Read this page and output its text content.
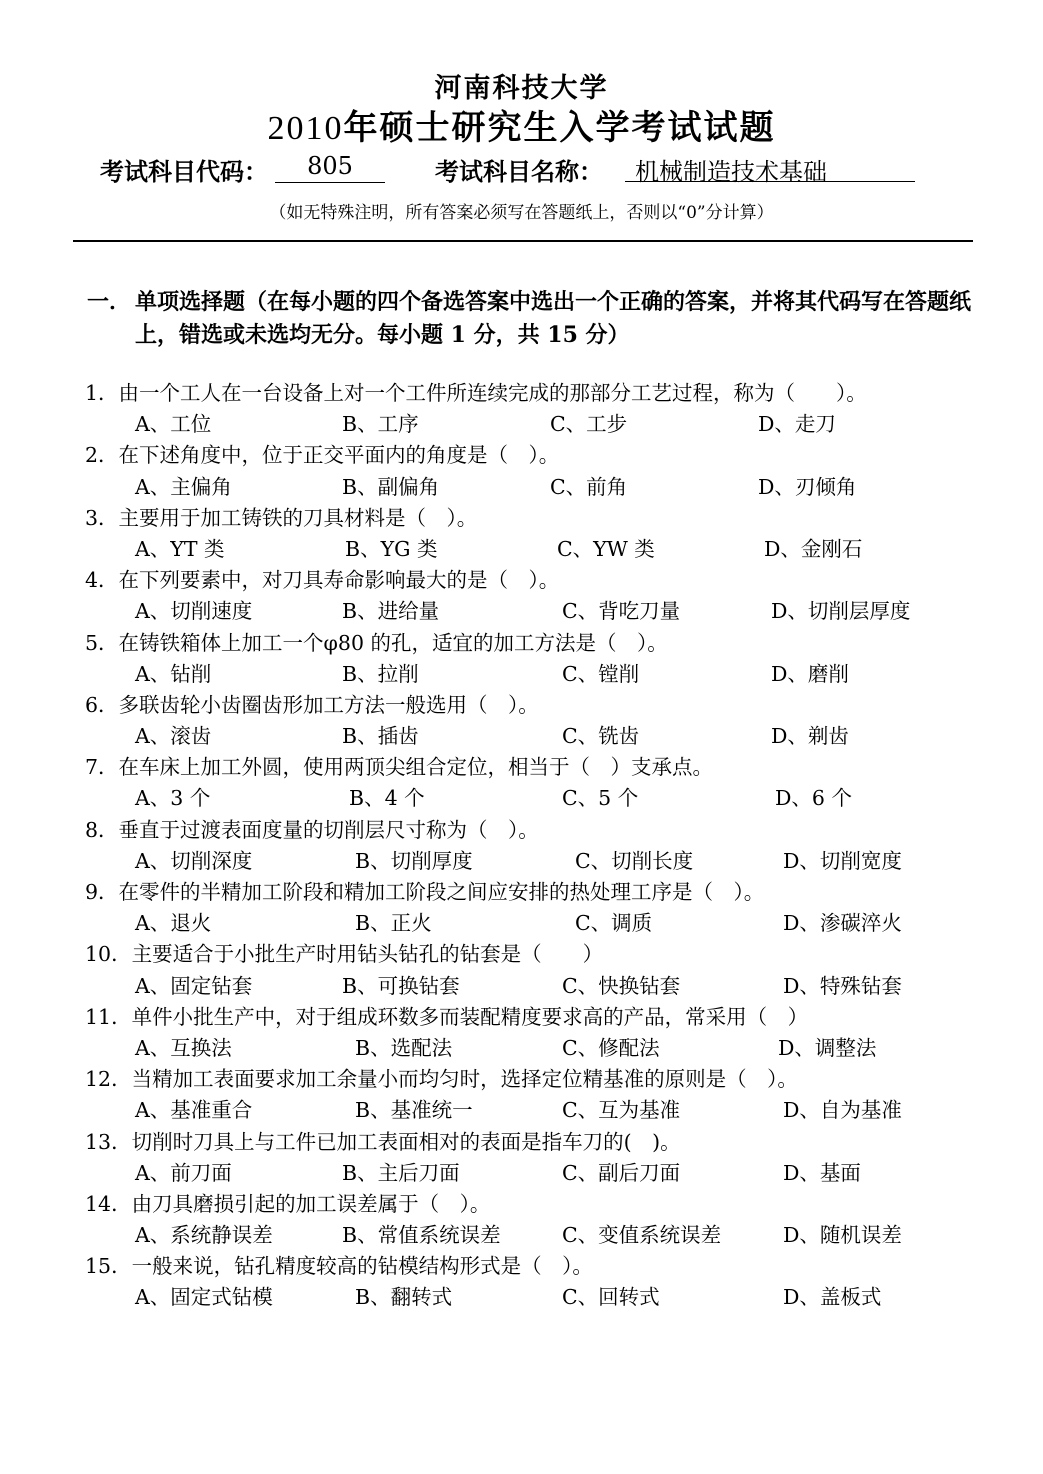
河南科技大学
2010年硕士研究生入学考试试题
考试科目代码：	805	考试科目名称：	机械制造技术基础
（如无特殊注明，所有答案必须写在答题纸上，否则以“0”分计算）
一． 单项选择题（在每小题的四个备选答案中选出一个正确的答案，并将其代码写在答题纸上，错选或未选均无分。每小题 1 分，共 15 分）
1．由一个工人在一台设备上对一个工件所连续完成的那部分工艺过程，称为（　　）。
A、工位	B、工序	C、工步	D、走刀
2．在下述角度中，位于正交平面内的角度是（　）。
A、主偏角	B、副偏角	C、前角	D、刃倾角
3．主要用于加工铸铁的刀具材料是（　）。
A、YT 类	B、YG 类	C、YW 类	D、金刚石
4．在下列要素中，对刀具寿命影响最大的是（　）。
A、切削速度	B、进给量	C、背吃刀量	D、切削层厚度
5．在铸铁箱体上加工一个φ80 的孔，适宜的加工方法是（　）。
A、钻削	B、拉削	C、镗削	D、磨削
6．多联齿轮小齿圈齿形加工方法一般选用（　）。
A、滚齿	B、插齿	C、铣齿	D、剃齿
7．在车床上加工外圆，使用两顶尖组合定位，相当于（　）支承点。
A、3 个	B、4 个	C、5 个	D、6 个
8．垂直于过渡表面度量的切削层尺寸称为（　）。
A、切削深度	B、切削厚度	C、切削长度	D、切削宽度
9．在零件的半精加工阶段和精加工阶段之间应安排的热处理工序是（　）。
A、退火	B、正火	C、调质	D、渗碳淬火
10．主要适合于小批生产时用钻头钻孔的钻套是（　　）
A、固定钻套	B、可换钻套	C、快换钻套	D、特殊钻套
11．单件小批生产中，对于组成环数多而装配精度要求高的产品，常采用（　）
A、互换法	B、选配法	C、修配法	D、调整法
12．当精加工表面要求加工余量小而均匀时，选择定位精基准的原则是（　）。
A、基准重合	B、基准统一	C、互为基准	D、自为基准
13．切削时刀具上与工件已加工表面相对的表面是指车刀的(　)。
A、前刀面	B、主后刀面	C、副后刀面	D、基面
14．由刀具磨损引起的加工误差属于（　）。
A、系统静误差	B、常值系统误差	C、变值系统误差	D、随机误差
15．一般来说，钻孔精度较高的钻模结构形式是（　）。
A、固定式钻模	B、翻转式	C、回转式	D、盖板式
